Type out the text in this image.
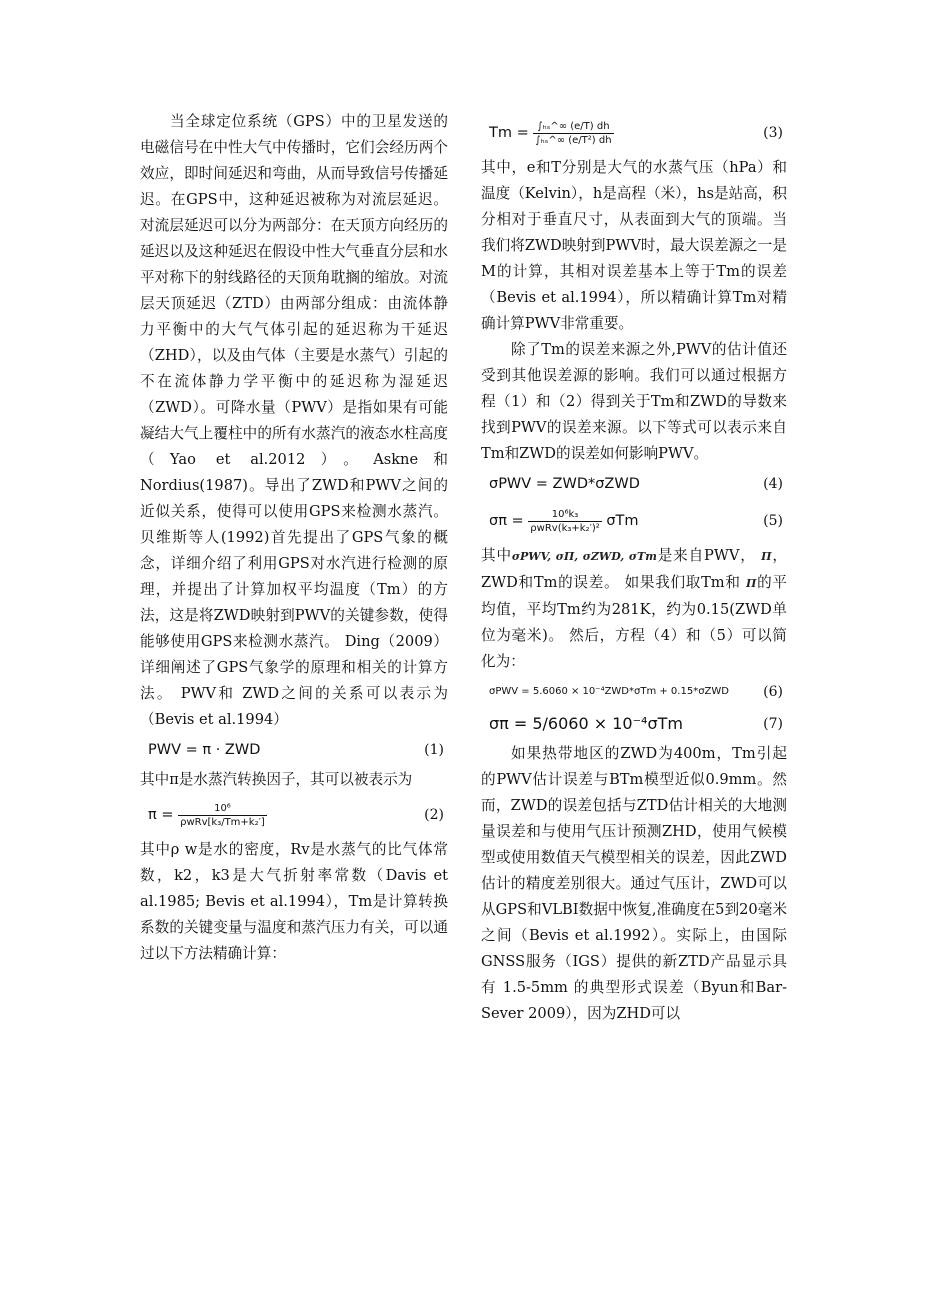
当全球定位系统（GPS）中的卫星发送的电磁信号在中性大气中传播时，它们会经历两个效应，即时间延迟和弯曲，从而导致信号传播延迟。在GPS中，这种延迟被称为对流层延迟。对流层延迟可以分为两部分：在天顶方向经历的延迟以及这种延迟在假设中性大气垂直分层和水平对称下的射线路径的天顶角耽搁的缩放。对流层天顶延迟（ZTD）由两部分组成：由流体静力平衡中的大气气体引起的延迟称为干延迟（ZHD），以及由气体（主要是水蒸气）引起的不在流体静力学平衡中的延迟称为湿延迟（ZWD）。可降水量（PWV）是指如果有可能凝结大气上覆柱中的所有水蒸汽的液态水柱高度（Yao et al.2012）。Askne和Nordius(1987)。导出了ZWD和PWV之间的近似关系，使得可以使用GPS来检测水蒸汽。贝维斯等人(1992)首先提出了GPS气象的概念，详细介绍了利用GPS对水汽进行检测的原理，并提出了计算加权平均温度（Tm）的方法，这是将ZWD映射到PWV的关键参数，使得能够使用GPS来检测水蒸汽。 Ding（2009）详细阐述了GPS气象学的原理和相关的计算方法。 PWV和 ZWD之间的关系可以表示为（Bevis et al.1994）

PWV = π · ZWD	(1)

其中π是水蒸汽转换因子，其可以被表示为

$\pi = \frac{\text{10⁶}}{\text{ρwRv[k₃/Tm+k₂′]}}$	(2)

其中ρ w是水的密度，Rv是水蒸气的比气体常数，k2，k3是大气折射率常数（Davis et al.1985; Bevis et al.1994），Tm是计算转换系数的关键变量与温度和蒸汽压力有关，可以通过以下方法精确计算：

$Tm = \frac{\text{∫ₕₛ\textasciicircum{}∞ (e/T) dh}}{\text{∫ₕₛ\textasciicircum{}∞ (e/T²) dh}}$	(3)

其中，e和T分别是大气的水蒸气压（hPa）和温度（Kelvin），h是高程（米），hs是站高，积分相对于垂直尺寸，从表面到大气的顶端。当我们将ZWD映射到PWV时，最大误差源之一是M的计算，其相对误差基本上等于Tm的误差（Bevis et al.1994），所以精确计算Tm对精确计算PWV非常重要。

除了Tm的误差来源之外,PWV的估计值还受到其他误差源的影响。我们可以通过根据方程（1）和（2）得到关于Tm和ZWD的导数来找到PWV的误差来源。以下等式可以表示来自Tm和ZWD的误差如何影响PWV。

σPWV = ZWD*σZWD	(4)
$\sigma\pi = \frac{\text{10⁶k₃}}{\text{ρwRv(k₃+k₂′)²}}$ σTm	(5)

其中σPWV, σΠ, σZWD, σTm是来自PWV， Π，ZWD和Tm的误差。 如果我们取Tm和 Π的平均值，平均Tm约为281K，约为0.15(ZWD单位为毫米)。 然后，方程（4）和（5）可以简化为：

σPWV = 5.6060 × 10⁻⁴ZWD*σTm + 0.15*σZWD (6)
σπ = 5/6060 × 10⁻⁴σTm	(7)

如果热带地区的ZWD为400m，Tm引起的PWV估计误差与BTm模型近似0.9mm。然而，ZWD的误差包括与ZTD估计相关的大地测量误差和与使用气压计预测ZHD，使用气候模型或使用数值天气模型相关的误差，因此ZWD估计的精度差别很大。通过气压计，ZWD可以从GPS和VLBI数据中恢复,准确度在5到20毫米之间（Bevis et al.1992）。实际上，由国际GNSS服务（IGS）提供的新ZTD产品显示具有 1.5-5mm 的典型形式误差（Byun和Bar-Sever 2009），因为ZHD可以
